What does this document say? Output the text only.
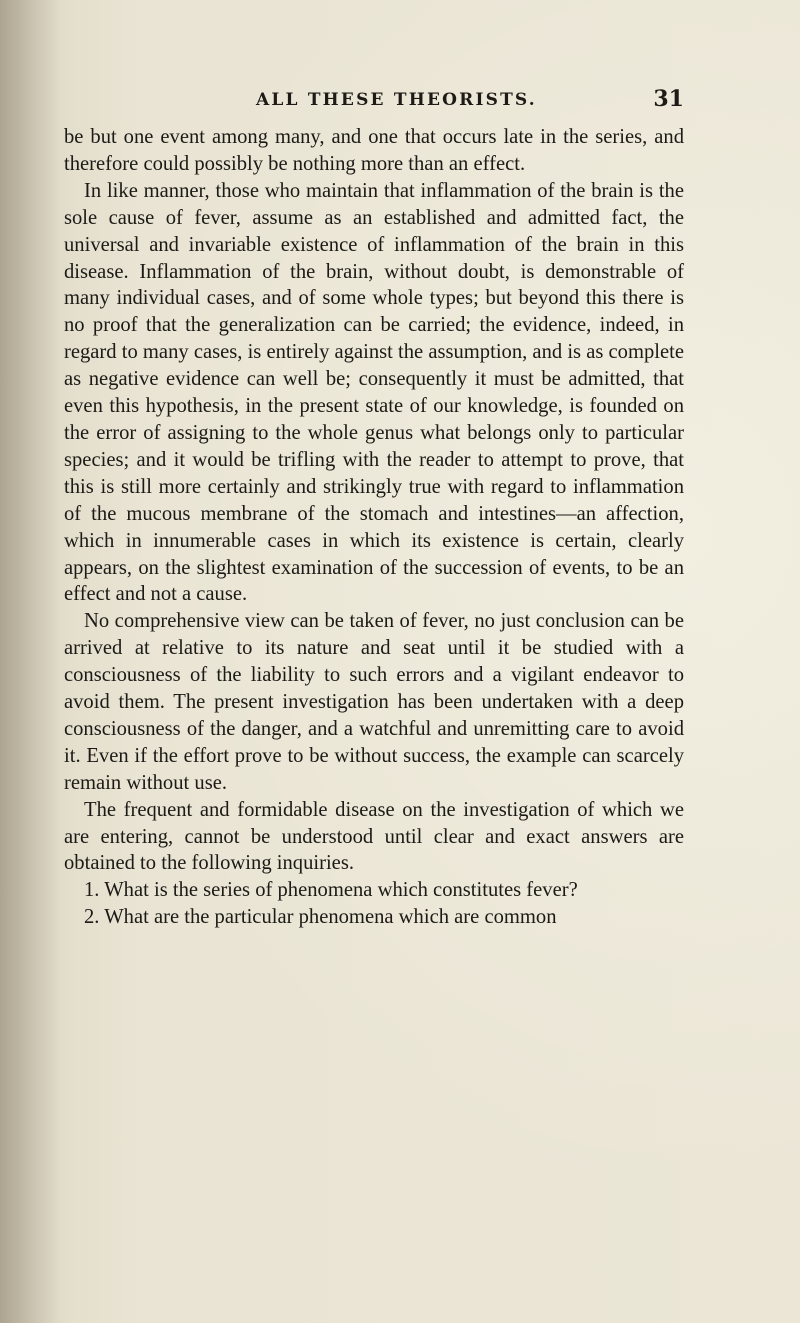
ALL THESE THEORISTS.	31

be but one event among many, and one that occurs late in the series, and therefore could possibly be nothing more than an effect.

In like manner, those who maintain that inflammation of the brain is the sole cause of fever, assume as an established and admitted fact, the universal and invariable existence of inflammation of the brain in this disease. Inflammation of the brain, without doubt, is demonstrable of many individual cases, and of some whole types; but beyond this there is no proof that the generalization can be carried; the evidence, indeed, in regard to many cases, is entirely against the assumption, and is as complete as negative evidence can well be; consequently it must be admitted, that even this hypothesis, in the present state of our knowledge, is founded on the error of assigning to the whole genus what belongs only to particular species; and it would be trifling with the reader to attempt to prove, that this is still more certainly and strikingly true with regard to inflammation of the mucous membrane of the stomach and intestines—an affection, which in innumerable cases in which its existence is certain, clearly appears, on the slightest examination of the succession of events, to be an effect and not a cause.

No comprehensive view can be taken of fever, no just conclusion can be arrived at relative to its nature and seat until it be studied with a consciousness of the liability to such errors and a vigilant endeavor to avoid them. The present investigation has been undertaken with a deep consciousness of the danger, and a watchful and unremitting care to avoid it. Even if the effort prove to be without success, the example can scarcely remain without use.

The frequent and formidable disease on the investigation of which we are entering, cannot be understood until clear and exact answers are obtained to the following inquiries.

1. What is the series of phenomena which constitutes fever?

2. What are the particular phenomena which are common
